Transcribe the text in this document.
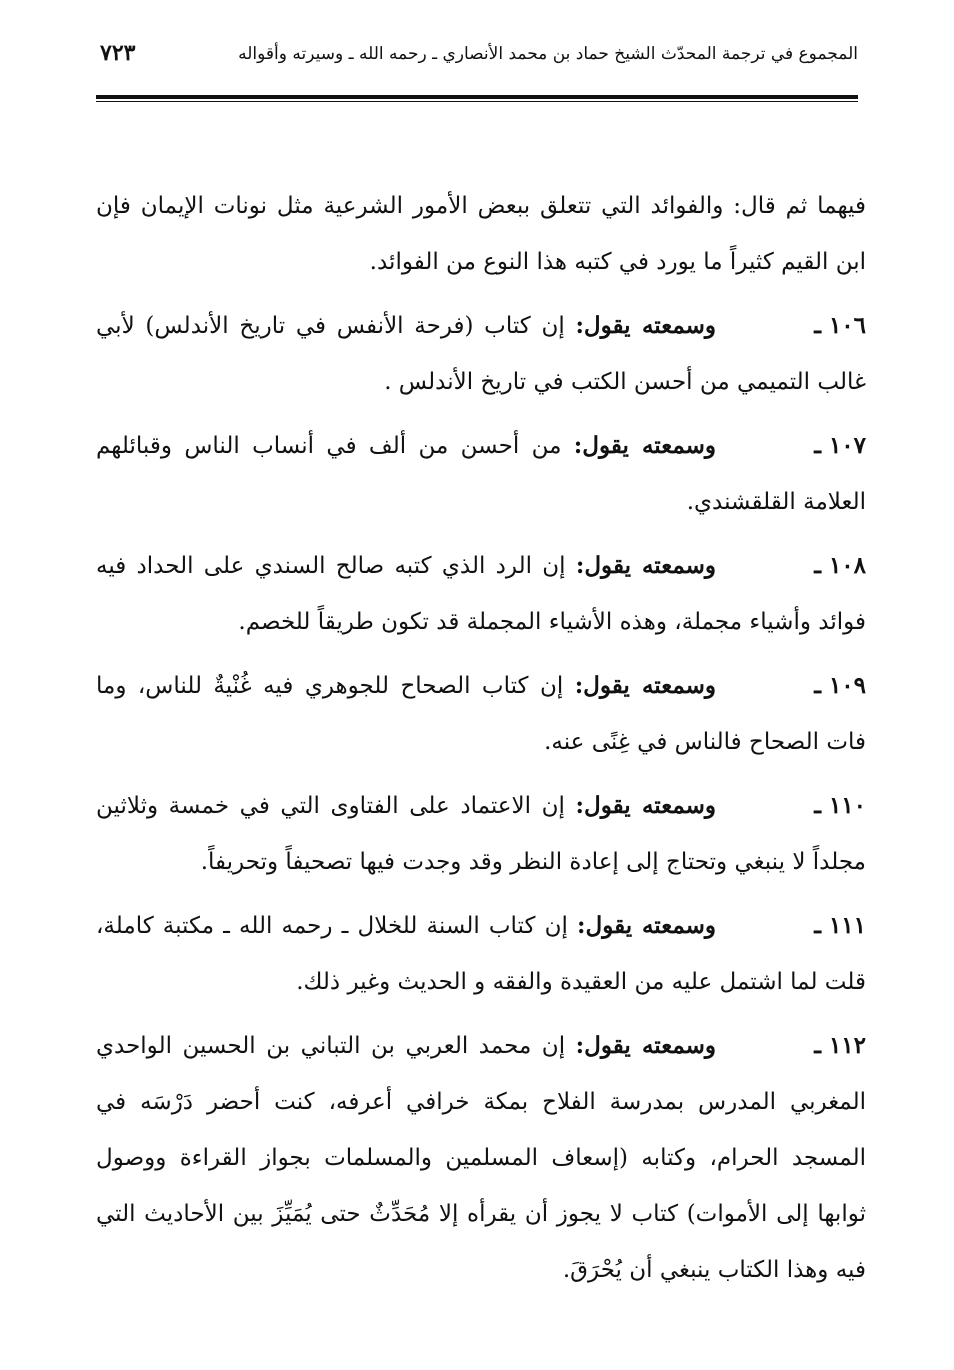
المجموع في ترجمة المحدّث الشيخ حماد بن محمد الأنصاري ـ رحمه الله ـ وسيرته وأقواله
٧٢٣

فيهما ثم قال: والفوائد التي تتعلق ببعض الأمور الشرعية مثل نونات الإيمان فإن ابن القيم كثيراً ما يورد في كتبه هذا النوع من الفوائد.

١٠٦ ـوسمعته يقول: إن كتاب (فرحة الأنفس في تاريخ الأندلس) لأبي غالب التميمي من أحسن الكتب في تاريخ الأندلس .
١٠٧ ـوسمعته يقول: من أحسن من ألف في أنساب الناس وقبائلهم العلامة القلقشندي.
١٠٨ ـوسمعته يقول: إن الرد الذي كتبه صالح السندي على الحداد فيه فوائد وأشياء مجملة، وهذه الأشياء المجملة قد تكون طريقاً للخصم.
١٠٩ ـوسمعته يقول: إن كتاب الصحاح للجوهري فيه غُنْيةٌ للناس، وما فات الصحاح فالناس في غِنًى عنه.
١١٠ ـوسمعته يقول: إن الاعتماد على الفتاوى التي في خمسة وثلاثين مجلداً لا ينبغي وتحتاج إلى إعادة النظر وقد وجدت فيها تصحيفاً وتحريفاً.
١١١ ـوسمعته يقول: إن كتاب السنة للخلال ـ رحمه الله ـ مكتبة كاملة، قلت لما اشتمل عليه من العقيدة والفقه و الحديث وغير ذلك.
١١٢ ـوسمعته يقول: إن محمد العربي بن التباني بن الحسين الواحدي المغربي المدرس بمدرسة الفلاح بمكة خرافي أعرفه، كنت أحضر دَرْسَه في المسجد الحرام، وكتابه (إسعاف المسلمين والمسلمات بجواز القراءة ووصول ثوابها إلى الأموات) كتاب لا يجوز أن يقرأه إلا مُحَدِّثٌ حتى يُمَيِّزَ بين الأحاديث التي فيه وهذا الكتاب ينبغي أن يُحْرَقَ.
